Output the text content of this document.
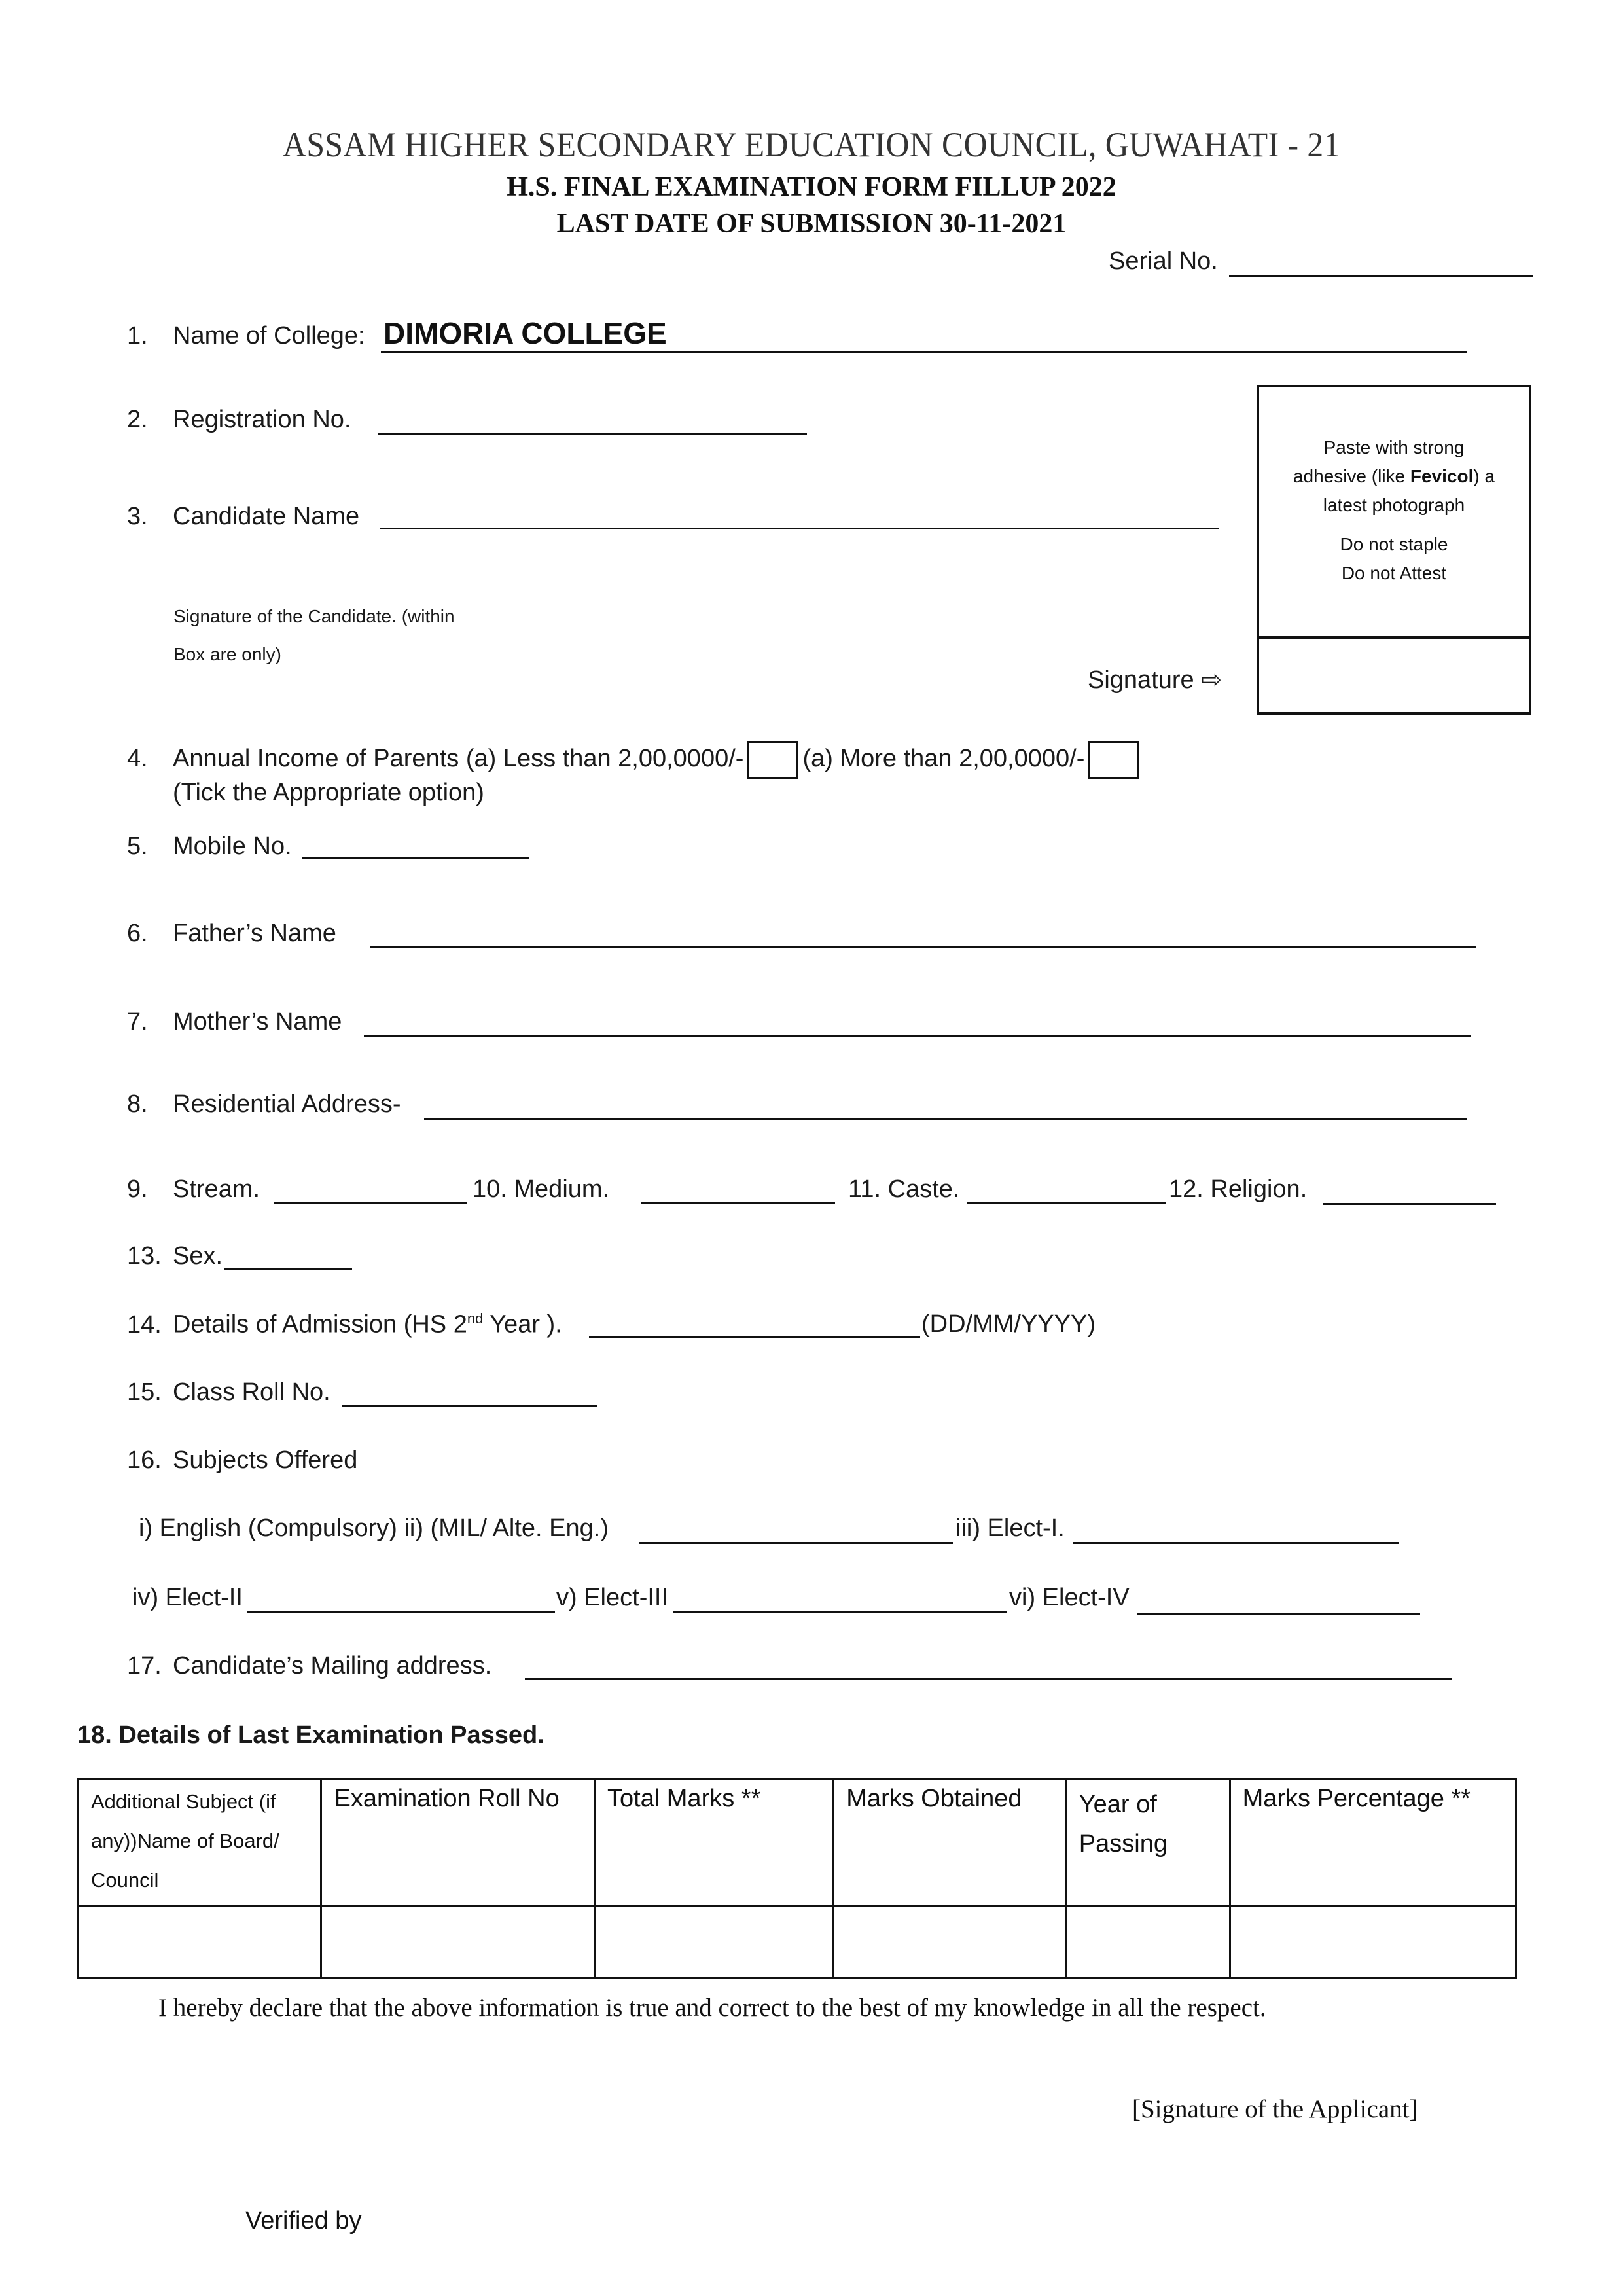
ASSAM HIGHER SECONDARY EDUCATION COUNCIL, GUWAHATI - 21
H.S. FINAL EXAMINATION FORM FILLUP 2022
LAST DATE OF SUBMISSION 30-11-2021
Serial No.
1. Name of College: DIMORIA COLLEGE
2. Registration No.
3. Candidate Name
Signature of the Candidate. (within
Box are only)
Signature ⇨
Paste with strong
adhesive (like Fevicol) a
latest photograph
Do not staple
Do not Attest
4. Annual Income of Parents (a) Less than 2,00,0000/- (a) More than 2,00,0000/-
(Tick the Appropriate option)
5. Mobile No.
6. Father’s Name
7. Mother’s Name
8. Residential Address-
9. Stream.	10. Medium.	11. Caste.	12. Religion.
13. Sex.
14. Details of Admission (HS 2nd Year ).	(DD/MM/YYYY)
15. Class Roll No.
16. Subjects Offered
i) English (Compulsory) ii) (MIL/ Alte. Eng.)	iii) Elect-I.
iv) Elect-II	v) Elect-III	vi) Elect-IV
17. Candidate’s Mailing address.
18. Details of Last Examination Passed.
Additional Subject (if any))Name of Board/ Council	Examination Roll No	Total Marks **	Marks Obtained	Year of Passing	Marks Percentage **

I hereby declare that the above information is true and correct to the best of my knowledge in all the respect.
[Signature of the Applicant]
Verified by
